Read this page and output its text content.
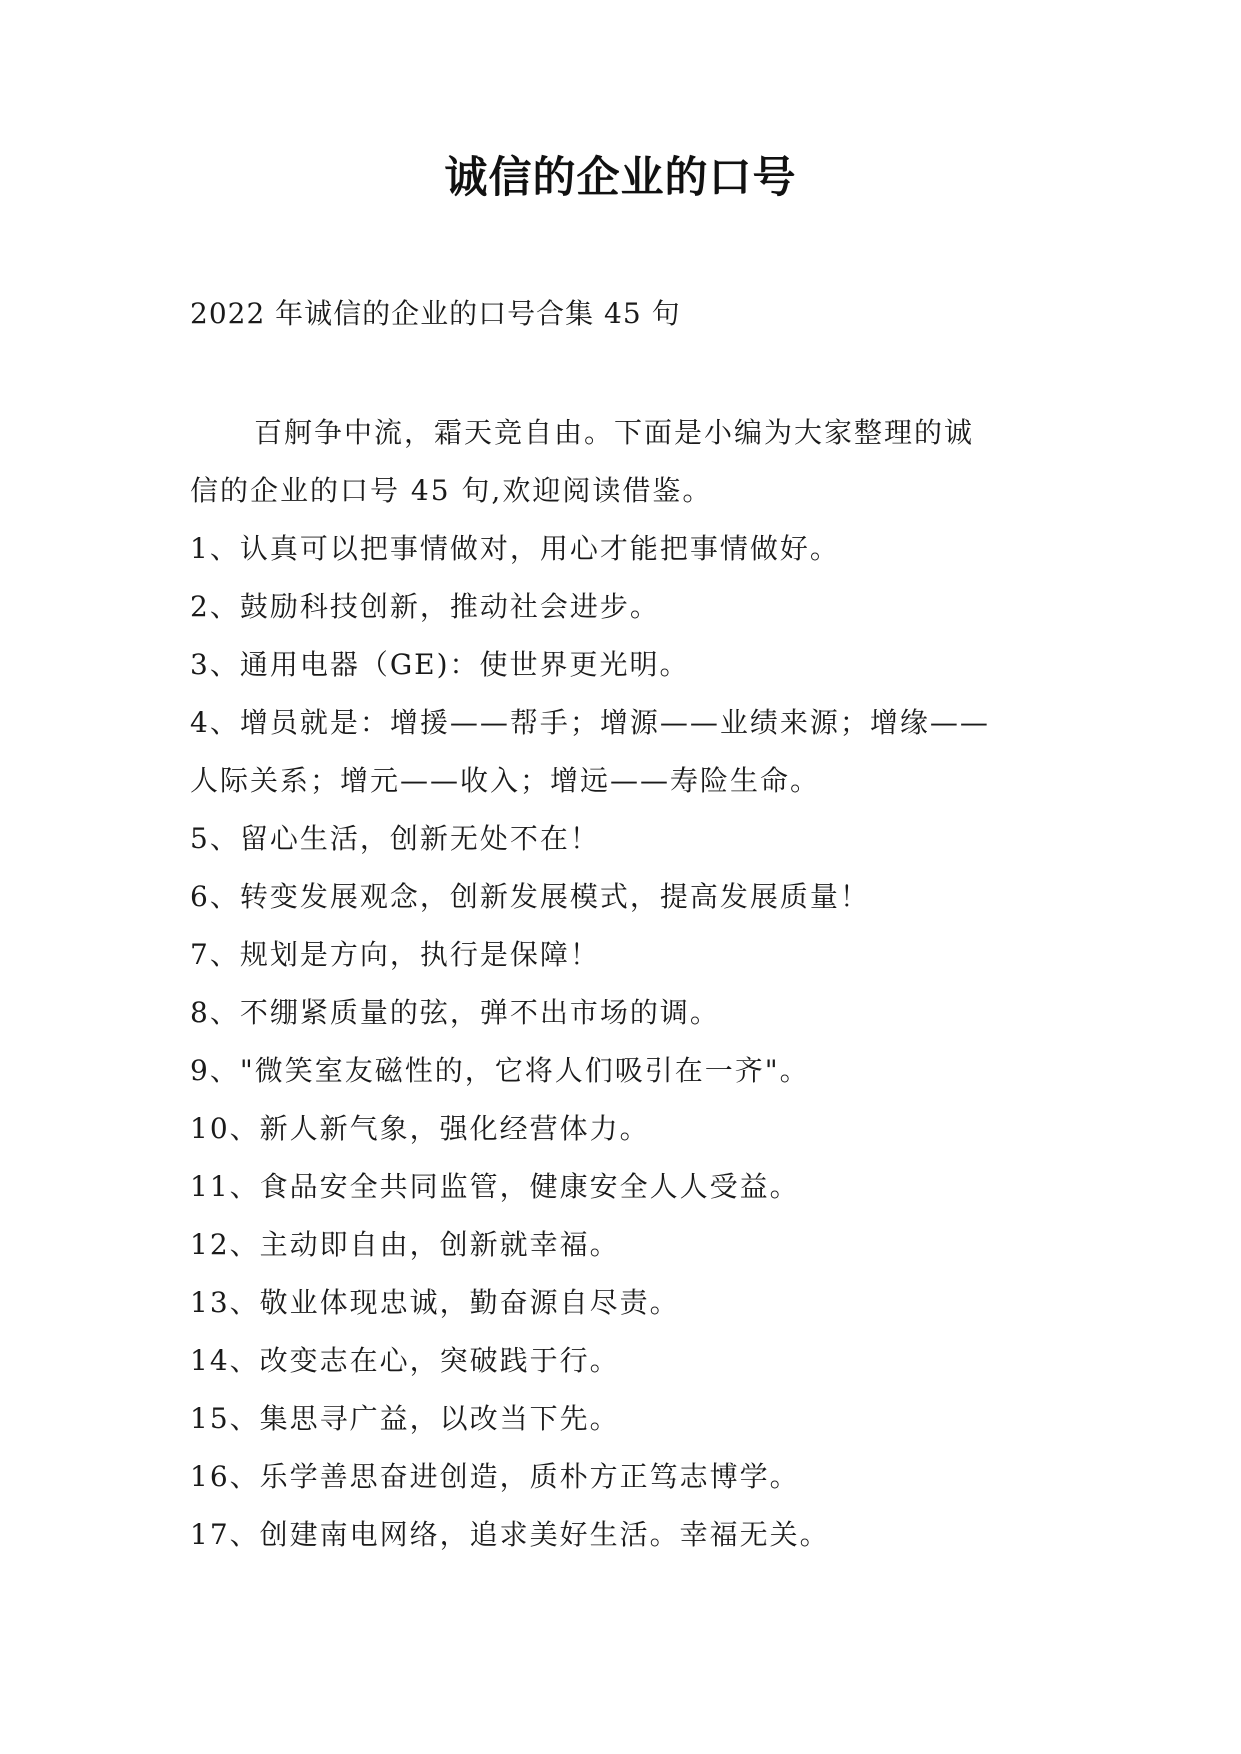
诚信的企业的口号
2022 年诚信的企业的口号合集 45 句

百舸争中流，霜天竞自由。下面是小编为大家整理的诚

信的企业的口号 45 句,欢迎阅读借鉴。

1、认真可以把事情做对，用心才能把事情做好。

2、鼓励科技创新，推动社会进步。

3、通用电器（GE)：使世界更光明。

4、增员就是：增援——帮手；增源——业绩来源；增缘——

人际关系；增元——收入；增远——寿险生命。

5、留心生活，创新无处不在！

6、转变发展观念，创新发展模式，提高发展质量！

7、规划是方向，执行是保障！

8、不绷紧质量的弦，弹不出市场的调。

9、"微笑室友磁性的，它将人们吸引在一齐"。

10、新人新气象，强化经营体力。

11、食品安全共同监管，健康安全人人受益。

12、主动即自由，创新就幸福。

13、敬业体现忠诚，勤奋源自尽责。

14、改变志在心，突破践于行。

15、集思寻广益，以改当下先。

16、乐学善思奋进创造，质朴方正笃志博学。

17、创建南电网络，追求美好生活。幸福无关。
